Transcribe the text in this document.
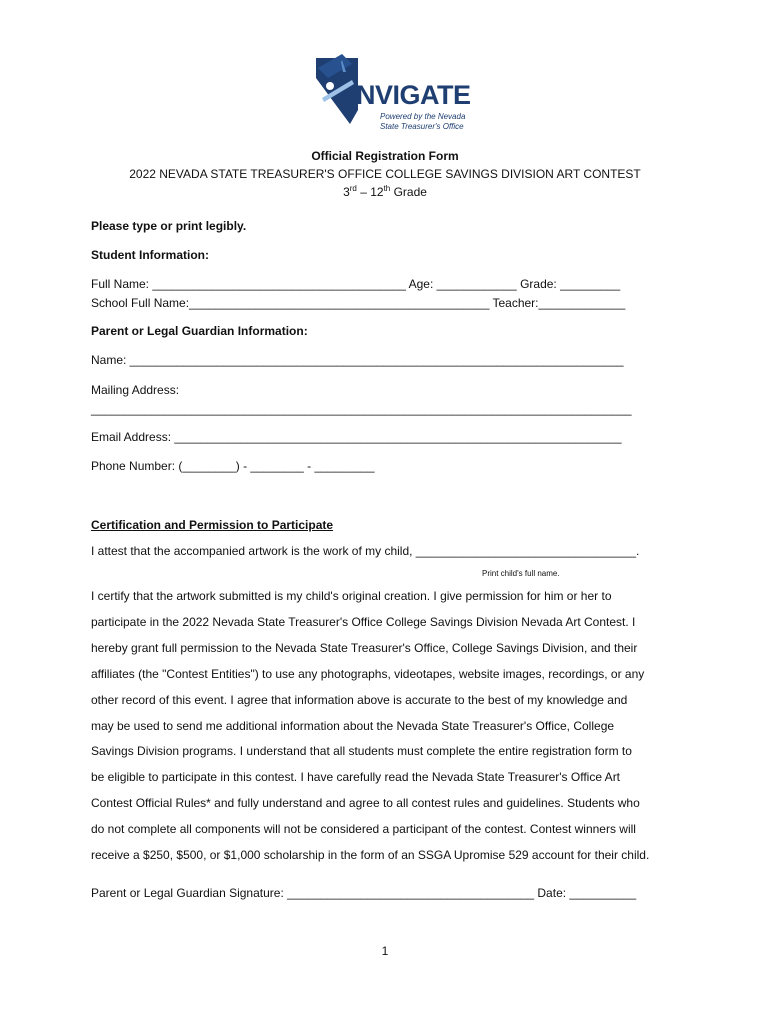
NVIGATE
Powered by the Nevada
State Treasurer's Office
Official Registration Form
2022 NEVADA STATE TREASURER'S OFFICE COLLEGE SAVINGS DIVISION ART CONTEST
3rd – 12th Grade
Please type or print legibly.
Student Information:
Full Name: ______________________________________ Age: ____________ Grade: _________
School Full Name:_____________________________________________ Teacher:_____________
Parent or Legal Guardian Information:
Name: __________________________________________________________________________
Mailing Address:
_________________________________________________________________________________
Email Address: ___________________________________________________________________
Phone Number: (________) - ________ - _________
Certification and Permission to Participate
I attest that the accompanied artwork is the work of my child, _________________________________.
Print child's full name.
I certify that the artwork submitted is my child's original creation. I give permission for him or her to
participate in the 2022 Nevada State Treasurer's Office College Savings Division Nevada Art Contest. I
hereby grant full permission to the Nevada State Treasurer's Office, College Savings Division, and their
affiliates (the "Contest Entities") to use any photographs, videotapes, website images, recordings, or any
other record of this event. I agree that information above is accurate to the best of my knowledge and
may be used to send me additional information about the Nevada State Treasurer's Office, College
Savings Division programs. I understand that all students must complete the entire registration form to
be eligible to participate in this contest. I have carefully read the Nevada State Treasurer's Office Art
Contest Official Rules* and fully understand and agree to all contest rules and guidelines. Students who
do not complete all components will not be considered a participant of the contest. Contest winners will
receive a $250, $500, or $1,000 scholarship in the form of an SSGA Upromise 529 account for their child.
Parent or Legal Guardian Signature: _____________________________________ Date: __________
1
